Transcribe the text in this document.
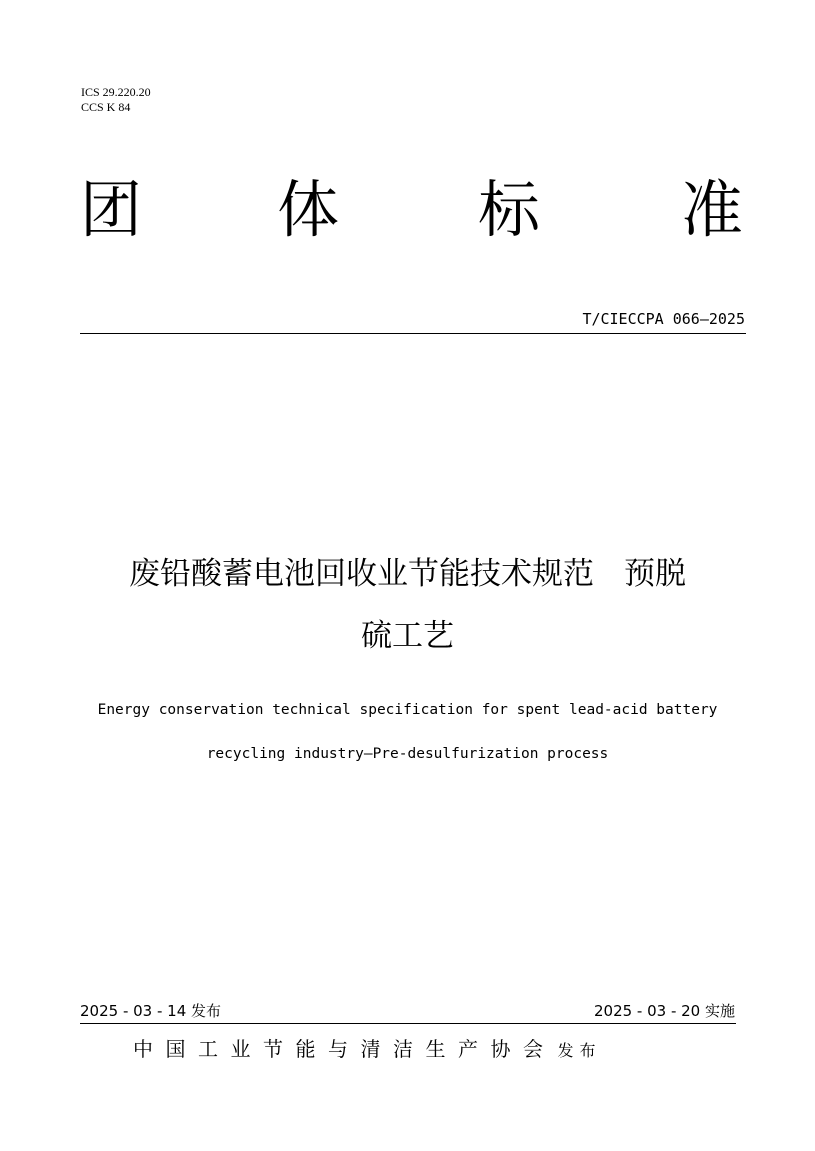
ICS 29.220.20
CCS K 84
团 体 标 准
T/CIECCPA 066—2025
废铅酸蓄电池回收业节能技术规范 预脱
硫工艺
Energy conservation technical specification for spent lead-acid battery
recycling industry—Pre-desulfurization process
2025 - 03 - 14 发布	2025 - 03 - 20 实施
中国工业节能与清洁生产协会 发布
